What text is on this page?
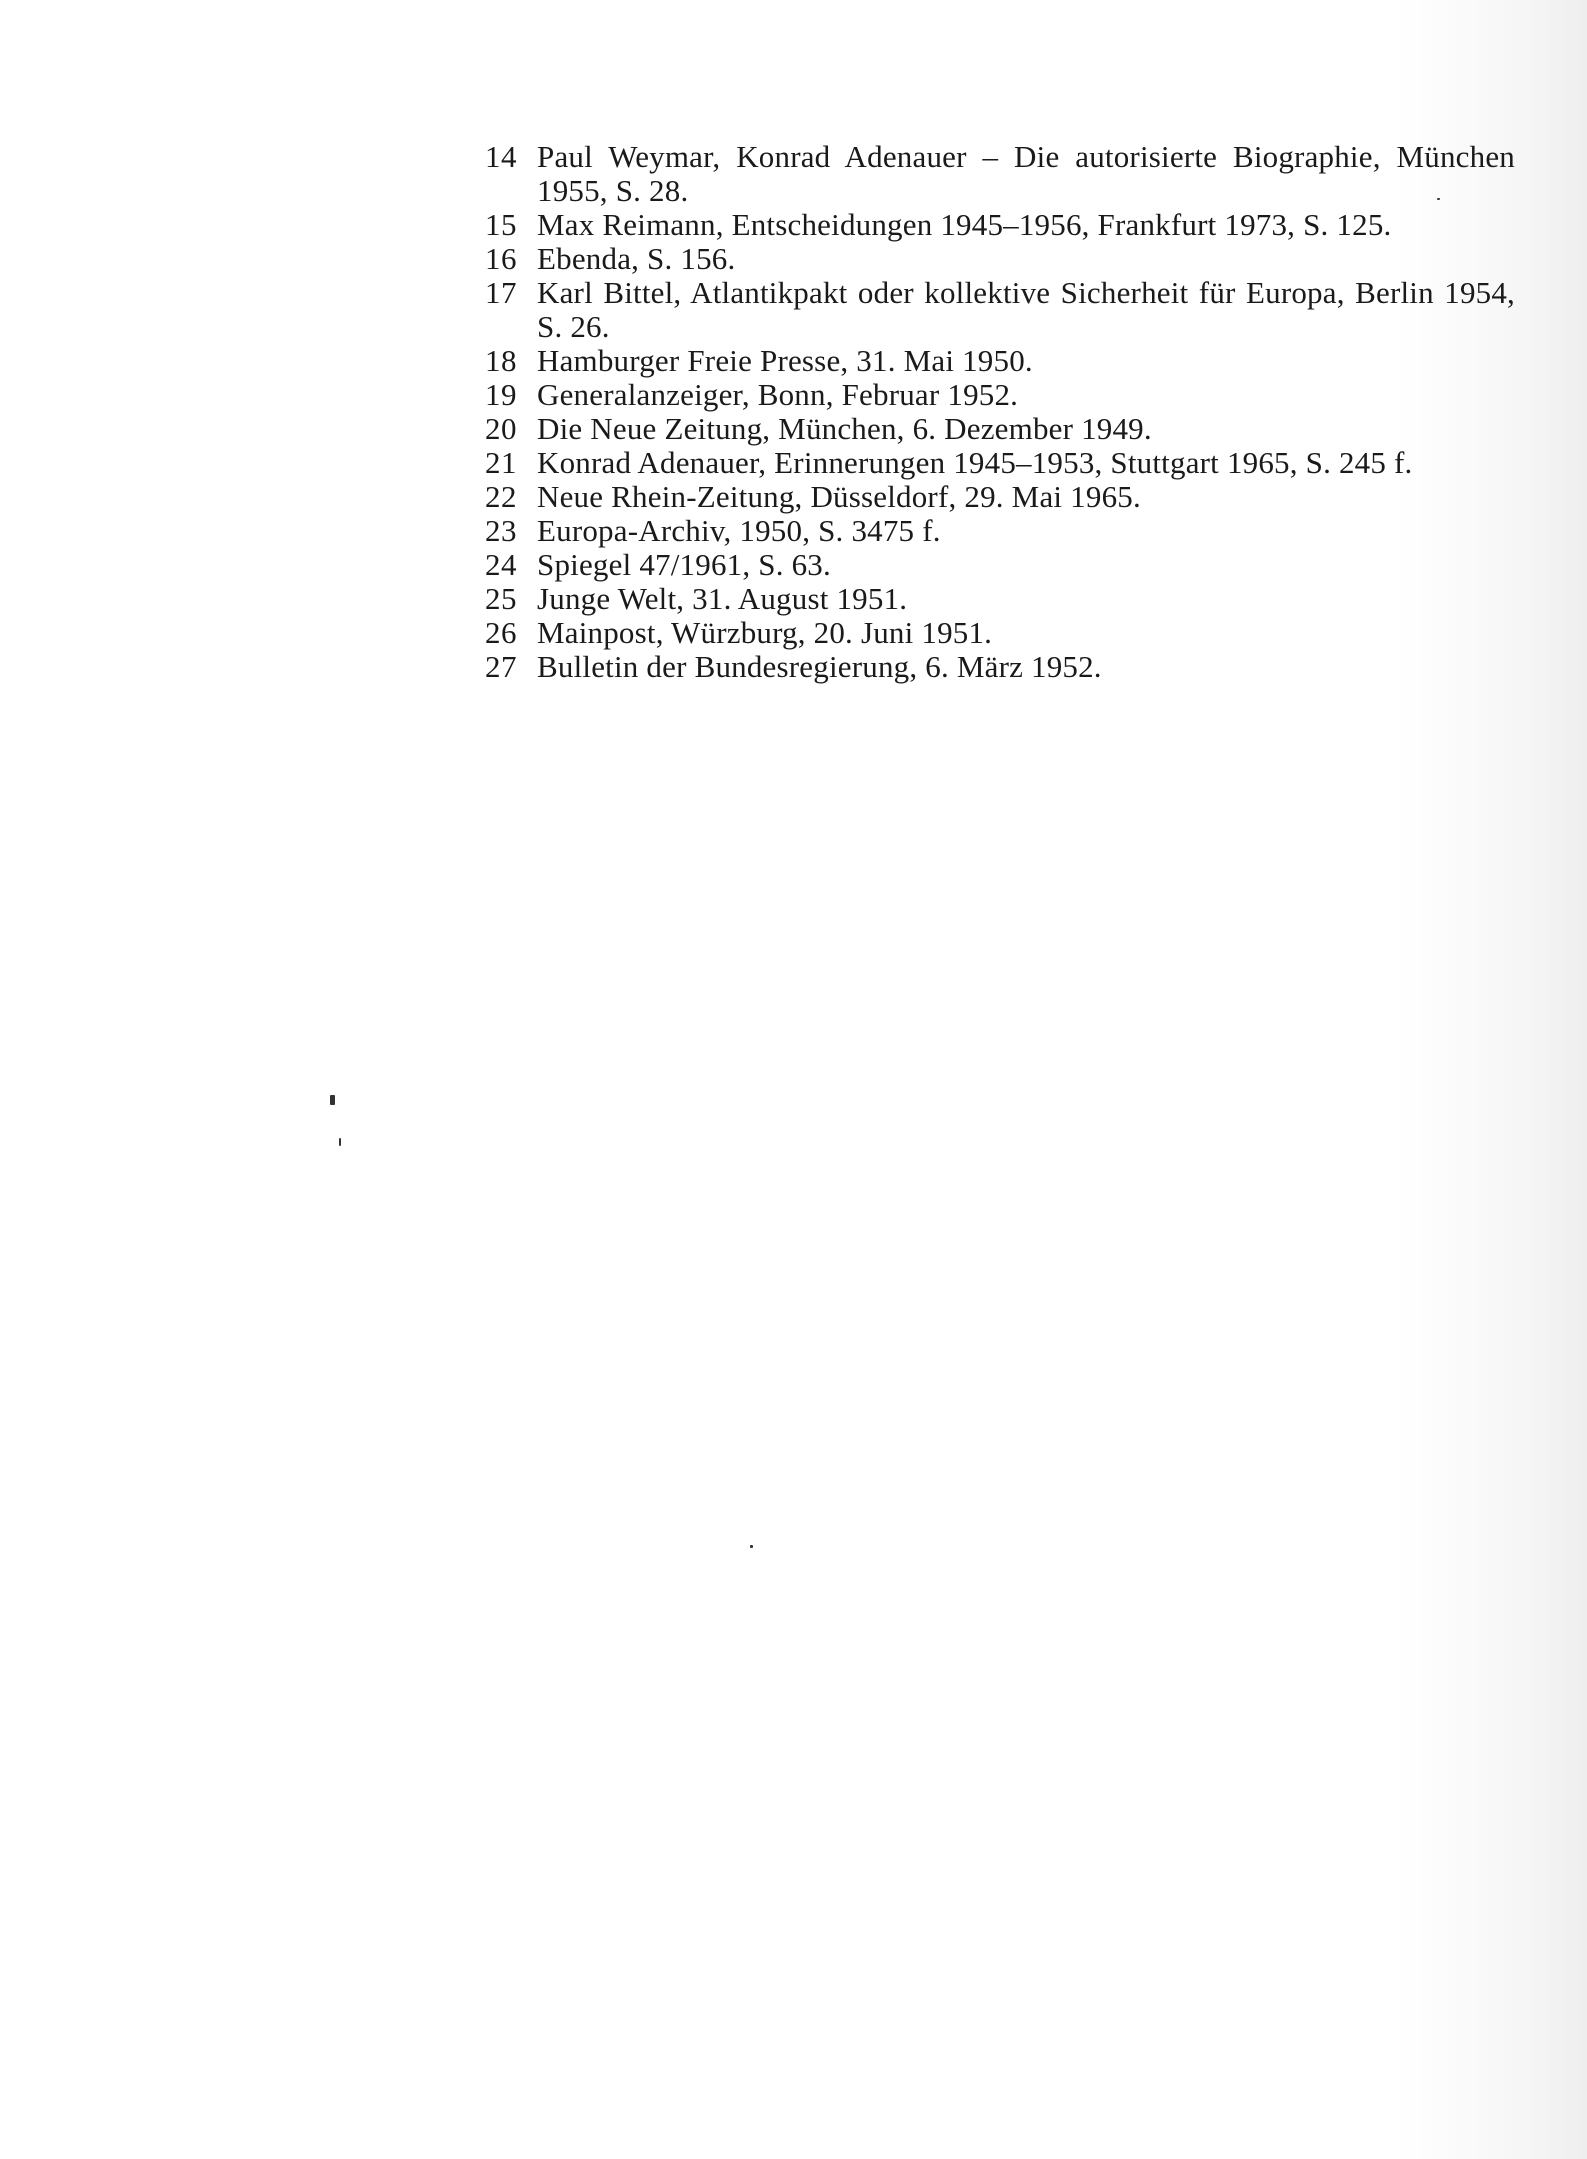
14 Paul Weymar, Konrad Adenauer – Die autorisierte Biographie, München 1955, S. 28.
15 Max Reimann, Entscheidungen 1945–1956, Frankfurt 1973, S. 125.
16 Ebenda, S. 156.
17 Karl Bittel, Atlantikpakt oder kollektive Sicherheit für Europa, Berlin 1954, S. 26.
18 Hamburger Freie Presse, 31. Mai 1950.
19 Generalanzeiger, Bonn, Februar 1952.
20 Die Neue Zeitung, München, 6. Dezember 1949.
21 Konrad Adenauer, Erinnerungen 1945–1953, Stuttgart 1965, S. 245 f.
22 Neue Rhein-Zeitung, Düsseldorf, 29. Mai 1965.
23 Europa-Archiv, 1950, S. 3475 f.
24 Spiegel 47/1961, S. 63.
25 Junge Welt, 31. August 1951.
26 Mainpost, Würzburg, 20. Juni 1951.
27 Bulletin der Bundesregierung, 6. März 1952.
